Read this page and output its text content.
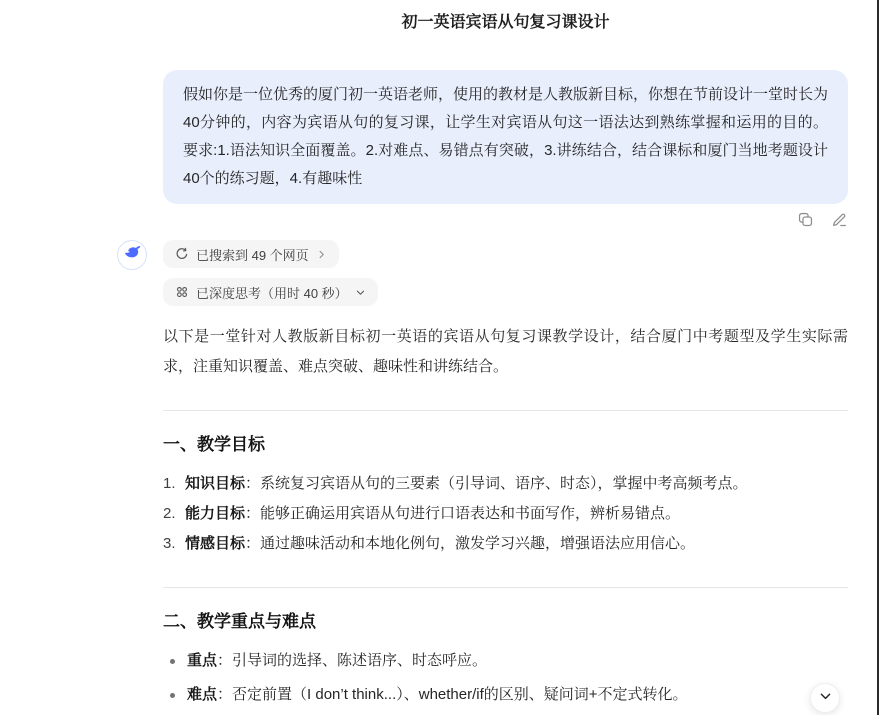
初一英语宾语从句复习课设计
假如你是一位优秀的厦门初一英语老师，使用的教材是人教版新目标，你想在节前设计一堂时长为40分钟的，内容为宾语从句的复习课，让学生对宾语从句这一语法达到熟练掌握和运用的目的。要求:1.语法知识全面覆盖。2.对难点、易错点有突破，3.讲练结合，结合课标和厦门当地考题设计40个的练习题，4.有趣味性
已搜索到 49 个网页
已深度思考（用时 40 秒）

以下是一堂针对人教版新目标初一英语的宾语从句复习课教学设计，结合厦门中考题型及学生实际需求，注重知识覆盖、难点突破、趣味性和讲练结合。

一、教学目标
1. 知识目标：系统复习宾语从句的三要素（引导词、语序、时态），掌握中考高频考点。
2. 能力目标：能够正确运用宾语从句进行口语表达和书面写作，辨析易错点。
3. 情感目标：通过趣味活动和本地化例句，激发学习兴趣，增强语法应用信心。
二、教学重点与难点
重点：引导词的选择、陈述语序、时态呼应。
难点：否定前置（I don’t think...）、whether/if的区别、疑问词+不定式转化。
